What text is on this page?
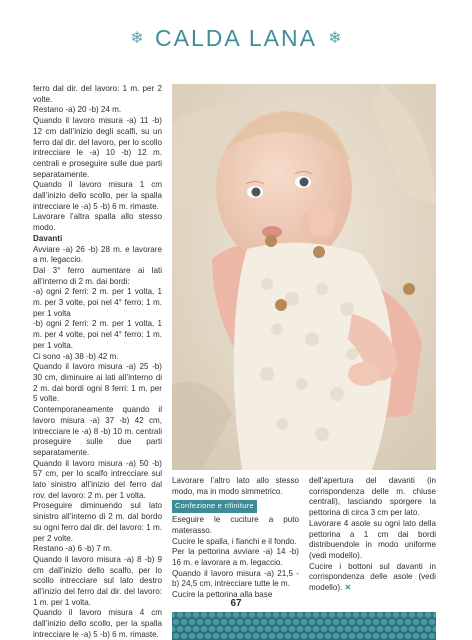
❄ CALDA LANA ❄

ferro dal dir. del lavoro: 1 m. per 2 volte.

Restano -a) 20 -b) 24 m.

Quando il lavoro misura -a) 11 -b) 12 cm dall’inizio degli scalfi, su un ferro dal dir. del lavoro, per lo scollo intrecciare le -a) 10 -b) 12 m. centrali e proseguire sulle due parti separatamente.

Quando il lavoro misura 1 cm dall’inizio dello scollo, per la spalla intrecciare le -a) 5 -b) 6 m. rimaste.

Lavorare l’altra spalla allo stesso modo.

Davanti

Avviare -a) 26 -b) 28 m. e lavorare a m. legaccio.

Dal 3° ferro aumentare ai lati all’interno di 2 m. dai bordi:

-a) ogni 2 ferri: 2 m. per 1 volta, 1 m. per 3 volte, poi nel 4° ferro: 1 m. per 1 volta

-b) ogni 2 ferri: 2 m. per 1 volta, 1 m. per 4 volte, poi nel 4° ferro: 1 m. per 1 volta.

Ci sono -a) 38 -b) 42 m.

Quando il lavoro misura -a) 25 -b) 30 cm, diminuire ai lati all’interno di 2 m. dai bordi ogni 8 ferri: 1 m. per 5 volte.

Contemporaneamente quando il lavoro misura -a) 37 -b) 42 cm, intrecciare le -a) 8 -b) 10 m. centrali proseguire sulle due parti separatamente.

Quando il lavoro misura -a) 50 -b) 57 cm, per lo scalfo intrecciare sul lato sinistro all’inizio del ferro dal rov. del lavoro: 2 m. per 1 volta.

Proseguire diminuendo sul lato sinistro all’interno di 2 m. dal bordo su ogni ferro dal dir. del lavoro: 1 m. per 2 volte.

Restano -a) 6 -b) 7 m.

Quando il lavoro misura -a) 8 -b) 9 cm dall’inizio dello scalfo, per lo scollo intrecciare sul lato destro all’inizio del ferro dal dir. del lavoro: 1 m. per 1 volta.

Quando il lavoro misura 4 cm dall’inizio dello scollo, per la spalla intrecciare le -a) 5 -b) 6 m. rimaste.

Lavorare l’altro lato allo stesso modo, ma in modo simmetrico.

Confezione e rifiniture

Eseguire le cuciture a puto materasso.

Cucire le spalla, i fianchi e il fondo.

Per la pettorina avviare -a) 14 -b) 16 m. e lavorare a m. legaccio.

Quando il lavoro misura -a) 21,5 -b) 24,5 cm, intrecciare tutte le m.

Cucire la pettorina alla base

dell’apertura del davanti (in corrispondenza delle m. chiuse centrali), lasciando sporgere la pettorina di circa 3 cm per lato.

Lavorare 4 asole su ogni lato della pettorina a 1 cm dai bordi distribuendole in modo uniforme (vedi modello).

Cucire i bottoni sul davanti in corrispondenza delle asole (vedi modello). ✕

67
